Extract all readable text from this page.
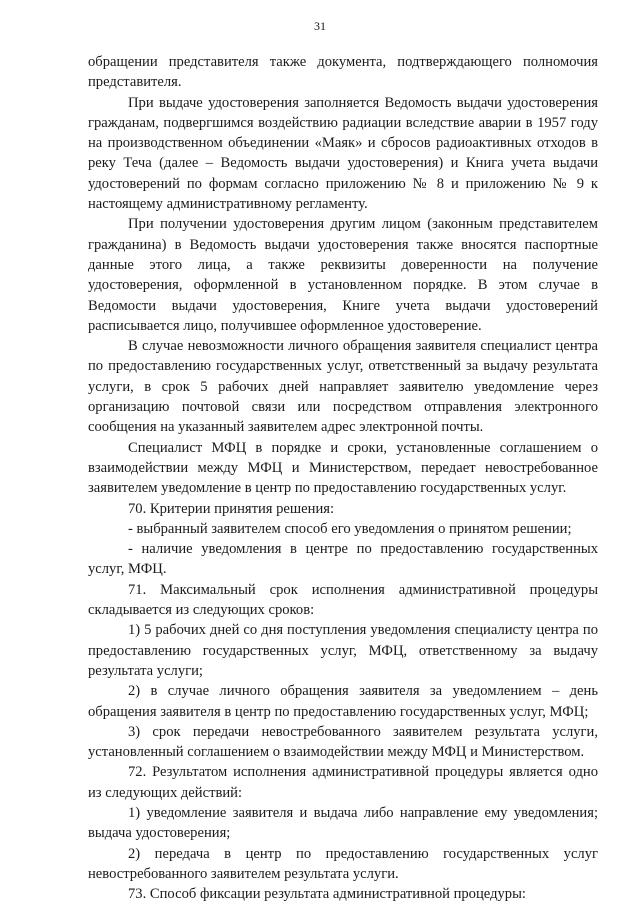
31

обращении представителя также документа, подтверждающего полномочия представителя.

При выдаче удостоверения заполняется Ведомость выдачи удостоверения гражданам, подвергшимся воздействию радиации вследствие аварии в 1957 году на производственном объединении «Маяк» и сбросов радиоактивных отходов в реку Теча (далее – Ведомость выдачи удостоверения) и Книга учета выдачи удостоверений по формам согласно приложению № 8 и приложению № 9 к настоящему административному регламенту.

При получении удостоверения другим лицом (законным представителем гражданина) в Ведомость выдачи удостоверения также вносятся паспортные данные этого лица, а также реквизиты доверенности на получение удостоверения, оформленной в установленном порядке. В этом случае в Ведомости выдачи удостоверения, Книге учета выдачи удостоверений расписывается лицо, получившее оформленное удостоверение.

В случае невозможности личного обращения заявителя специалист центра по предоставлению государственных услуг, ответственный за выдачу результата услуги, в срок 5 рабочих дней направляет заявителю уведомление через организацию почтовой связи или посредством отправления электронного сообщения на указанный заявителем адрес электронной почты.

Специалист МФЦ в порядке и сроки, установленные соглашением о взаимодействии между МФЦ и Министерством, передает невостребованное заявителем уведомление в центр по предоставлению государственных услуг.

70. Критерии принятия решения:

- выбранный заявителем способ его уведомления о принятом решении;

- наличие уведомления в центре по предоставлению государственных услуг, МФЦ.

71. Максимальный срок исполнения административной процедуры складывается из следующих сроков:

1) 5 рабочих дней со дня поступления уведомления специалисту центра по предоставлению государственных услуг, МФЦ, ответственному за выдачу результата услуги;

2) в случае личного обращения заявителя за уведомлением – день обращения заявителя в центр по предоставлению государственных услуг, МФЦ;

3) срок передачи невостребованного заявителем результата услуги, установленный соглашением о взаимодействии между МФЦ и Министерством.

72. Результатом исполнения административной процедуры является одно из следующих действий:

1) уведомление заявителя и выдача либо направление ему уведомления; выдача удостоверения;

2) передача в центр по предоставлению государственных услуг невостребованного заявителем результата услуги.

73. Способ фиксации результата административной процедуры:
